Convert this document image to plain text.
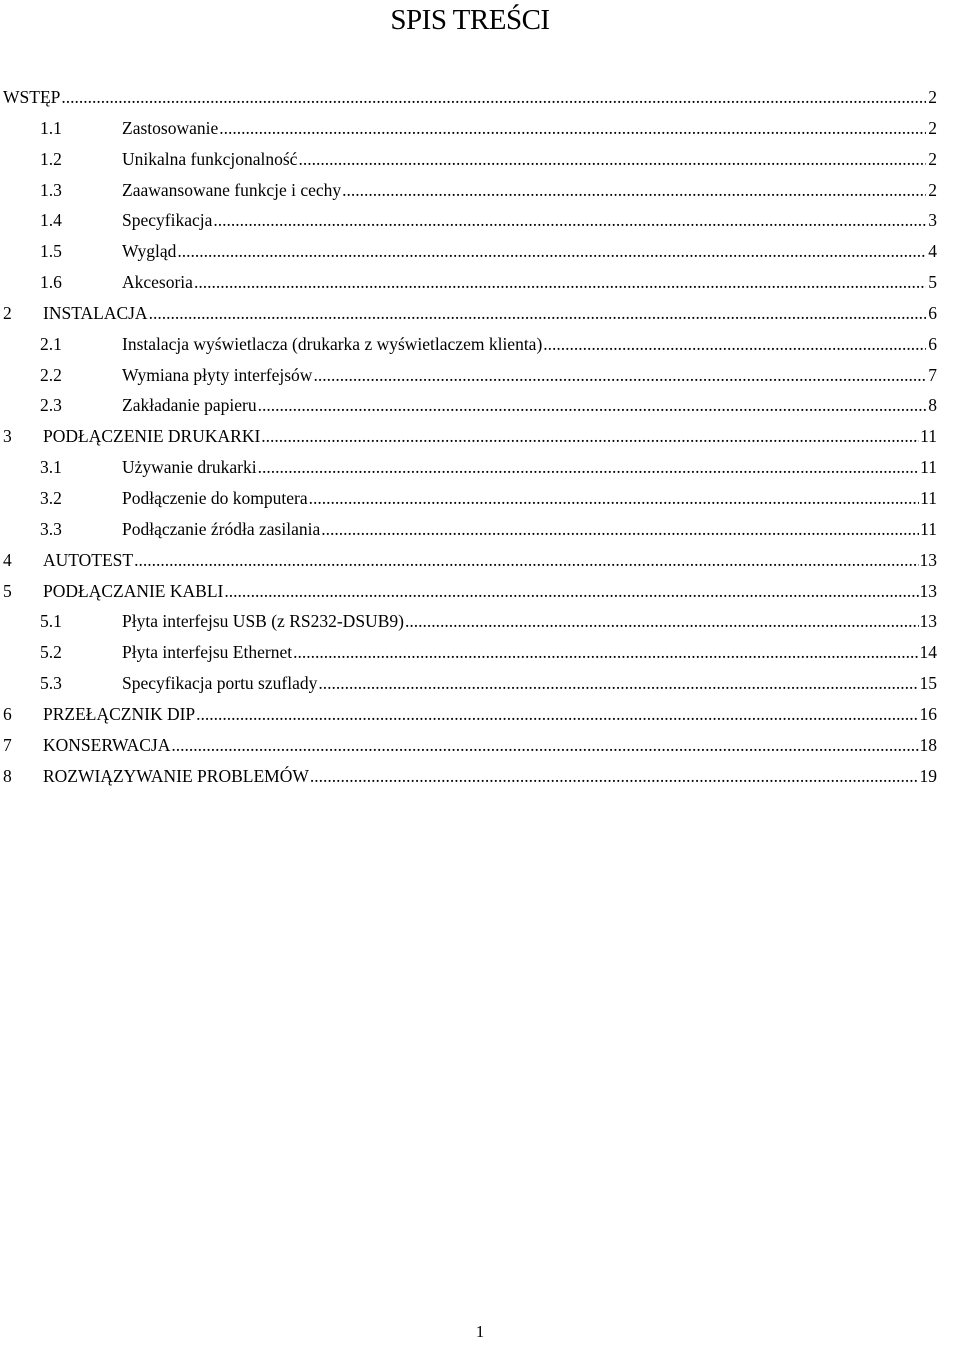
SPIS TREŚCI
WSTĘP .....	2
1.1	Zastosowanie .....	2
1.2	Unikalna funkcjonalność .....	2
1.3	Zaawansowane funkcje i cechy .....	2
1.4	Specyfikacja .....	3
1.5	Wygląd .....	4
1.6	Akcesoria .....	5
2	INSTALACJA .....	6
2.1	Instalacja wyświetlacza (drukarka z wyświetlaczem klienta) .....	6
2.2	Wymiana płyty interfejsów .....	7
2.3	Zakładanie papieru .....	8
3	PODŁĄCZENIE DRUKARKI .....	11
3.1	Używanie drukarki .....	11
3.2	Podłączenie do komputera .....	11
3.3	Podłączanie źródła zasilania .....	11
4	AUTOTEST .....	13
5	PODŁĄCZANIE KABLI .....	13
5.1	Płyta interfejsu USB (z RS232-DSUB9) .....	13
5.2	Płyta interfejsu Ethernet .....	14
5.3	Specyfikacja portu szuflady .....	15
6	PRZEŁĄCZNIK DIP .....	16
7	KONSERWACJA .....	18
8	ROZWIĄZYWANIE PROBLEMÓW .....	19
1
